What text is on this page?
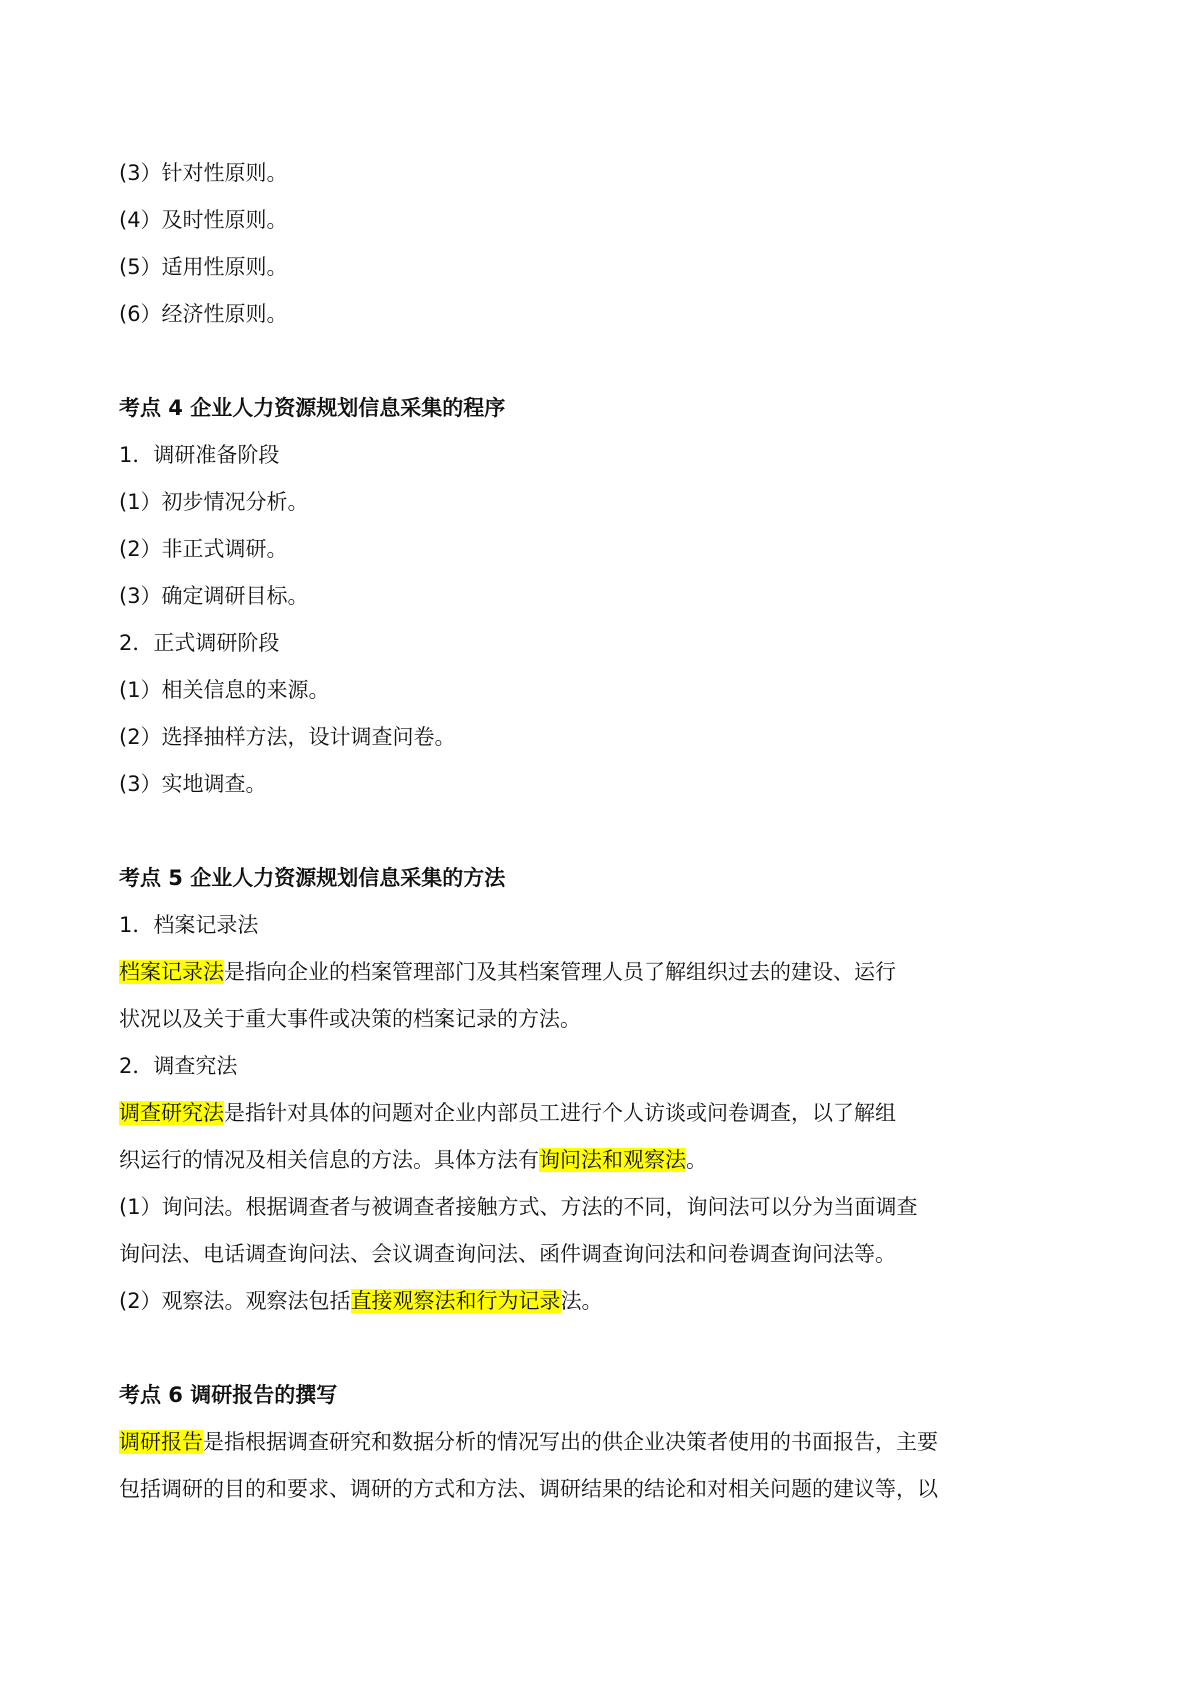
(3）针对性原则。

(4）及时性原则。

(5）适用性原则。

(6）经济性原则。

考点 4 企业人力资源规划信息采集的程序

1．调研准备阶段

(1）初步情况分析。

(2）非正式调研。

(3）确定调研目标。

2．正式调研阶段

(1）相关信息的来源。

(2）选择抽样方法，设计调查问卷。

(3）实地调查。

考点 5 企业人力资源规划信息采集的方法

1．档案记录法

档案记录法是指向企业的档案管理部门及其档案管理人员了解组织过去的建设、运行

状况以及关于重大事件或决策的档案记录的方法。

2．调查究法

调查研究法是指针对具体的问题对企业内部员工进行个人访谈或问卷调查，以了解组

织运行的情况及相关信息的方法。具体方法有询问法和观察法。

(1）询问法。根据调查者与被调查者接触方式、方法的不同，询问法可以分为当面调查

询问法、电话调查询问法、会议调查询问法、函件调查询问法和问卷调查询问法等。

(2）观察法。观察法包括直接观察法和行为记录法。

考点 6 调研报告的撰写

调研报告是指根据调查研究和数据分析的情况写出的供企业决策者使用的书面报告，主要

包括调研的目的和要求、调研的方式和方法、调研结果的结论和对相关问题的建议等，以
